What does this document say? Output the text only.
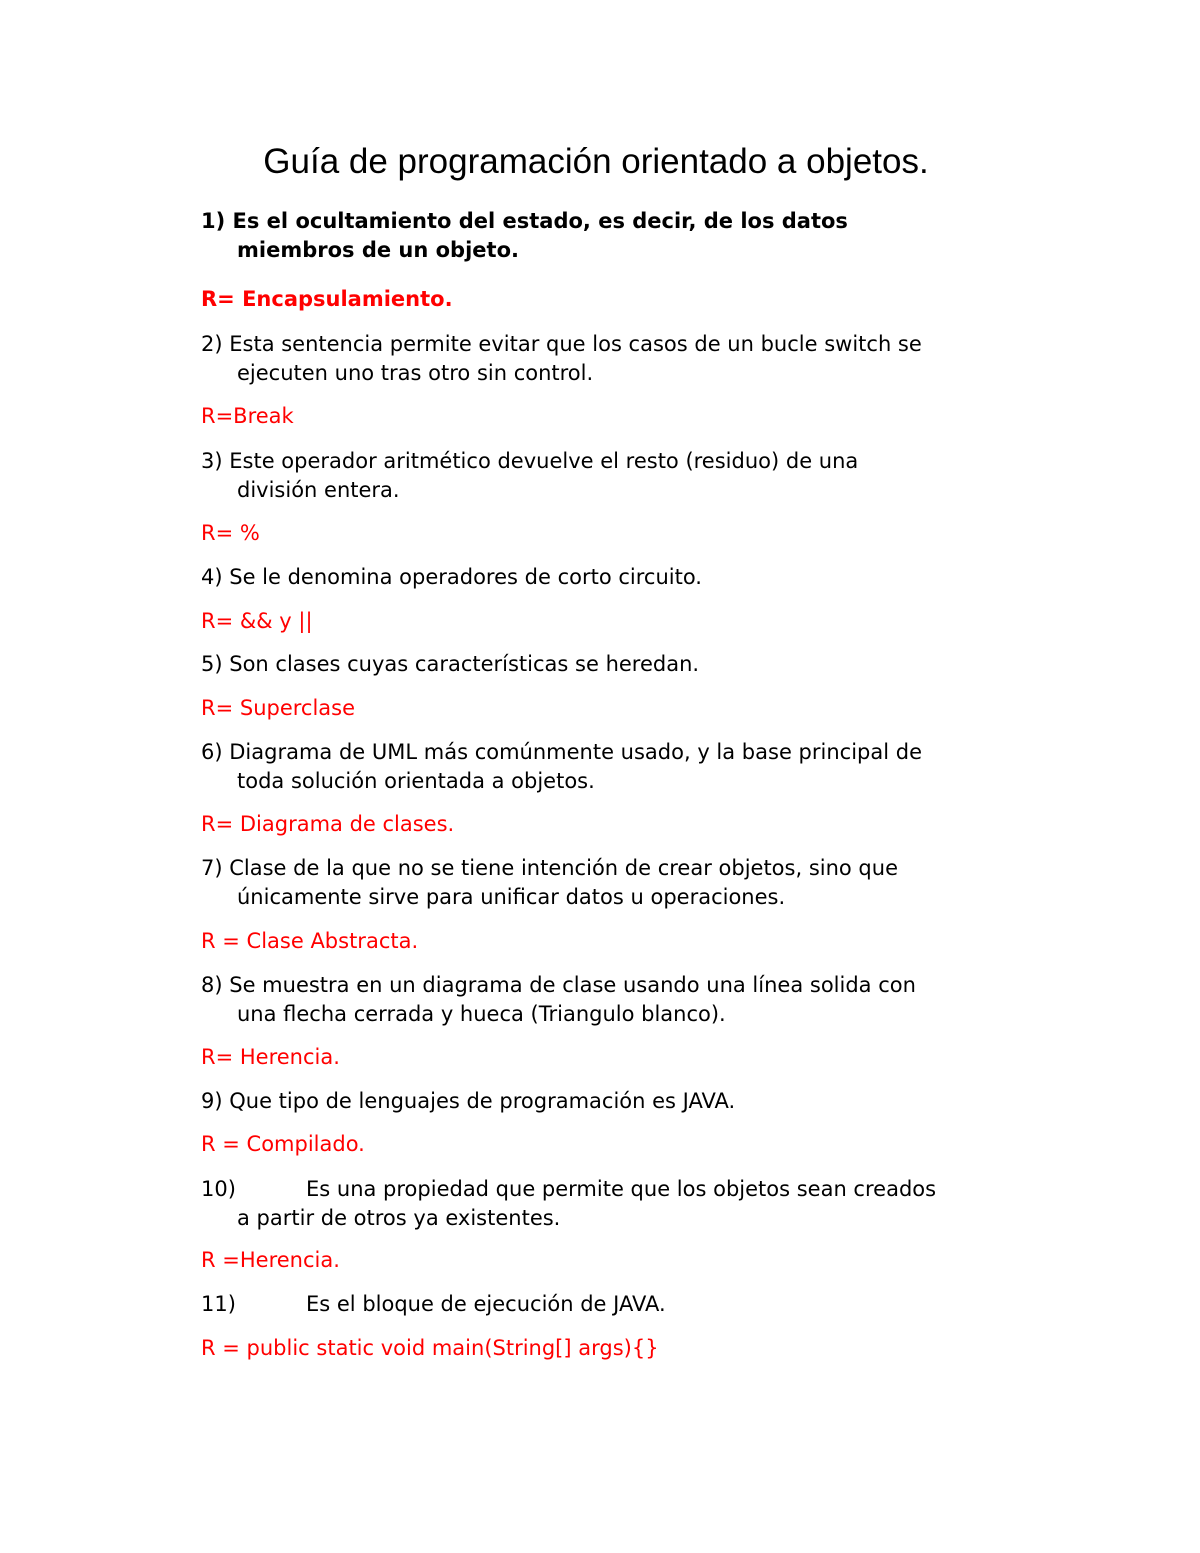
Guía de programación orientado a objetos.
1) Es el ocultamiento del estado, es decir, de los datos
miembros de un objeto.
R= Encapsulamiento.
2) Esta sentencia permite evitar que los casos de un bucle switch se
ejecuten uno tras otro sin control.
R=Break
3) Este operador aritmético devuelve el resto (residuo) de una
división entera.
R= %
4) Se le denomina operadores de corto circuito.
R= && y ||
5) Son clases cuyas características se heredan.
R= Superclase
6) Diagrama de UML más comúnmente usado, y la base principal de
toda solución orientada a objetos.
R= Diagrama de clases.
7) Clase de la que no se tiene intención de crear objetos, sino que
únicamente sirve para unificar datos u operaciones.
R = Clase Abstracta.
8) Se muestra en un diagrama de clase usando una línea solida con
una flecha cerrada y hueca (Triangulo blanco).
R= Herencia.
9) Que tipo de lenguajes de programación es JAVA.
R = Compilado.
10)	Es una propiedad que permite que los objetos sean creados
a partir de otros ya existentes.
R =Herencia.
11)	Es el bloque de ejecución de JAVA.
R = public static void main(String[] args){}
